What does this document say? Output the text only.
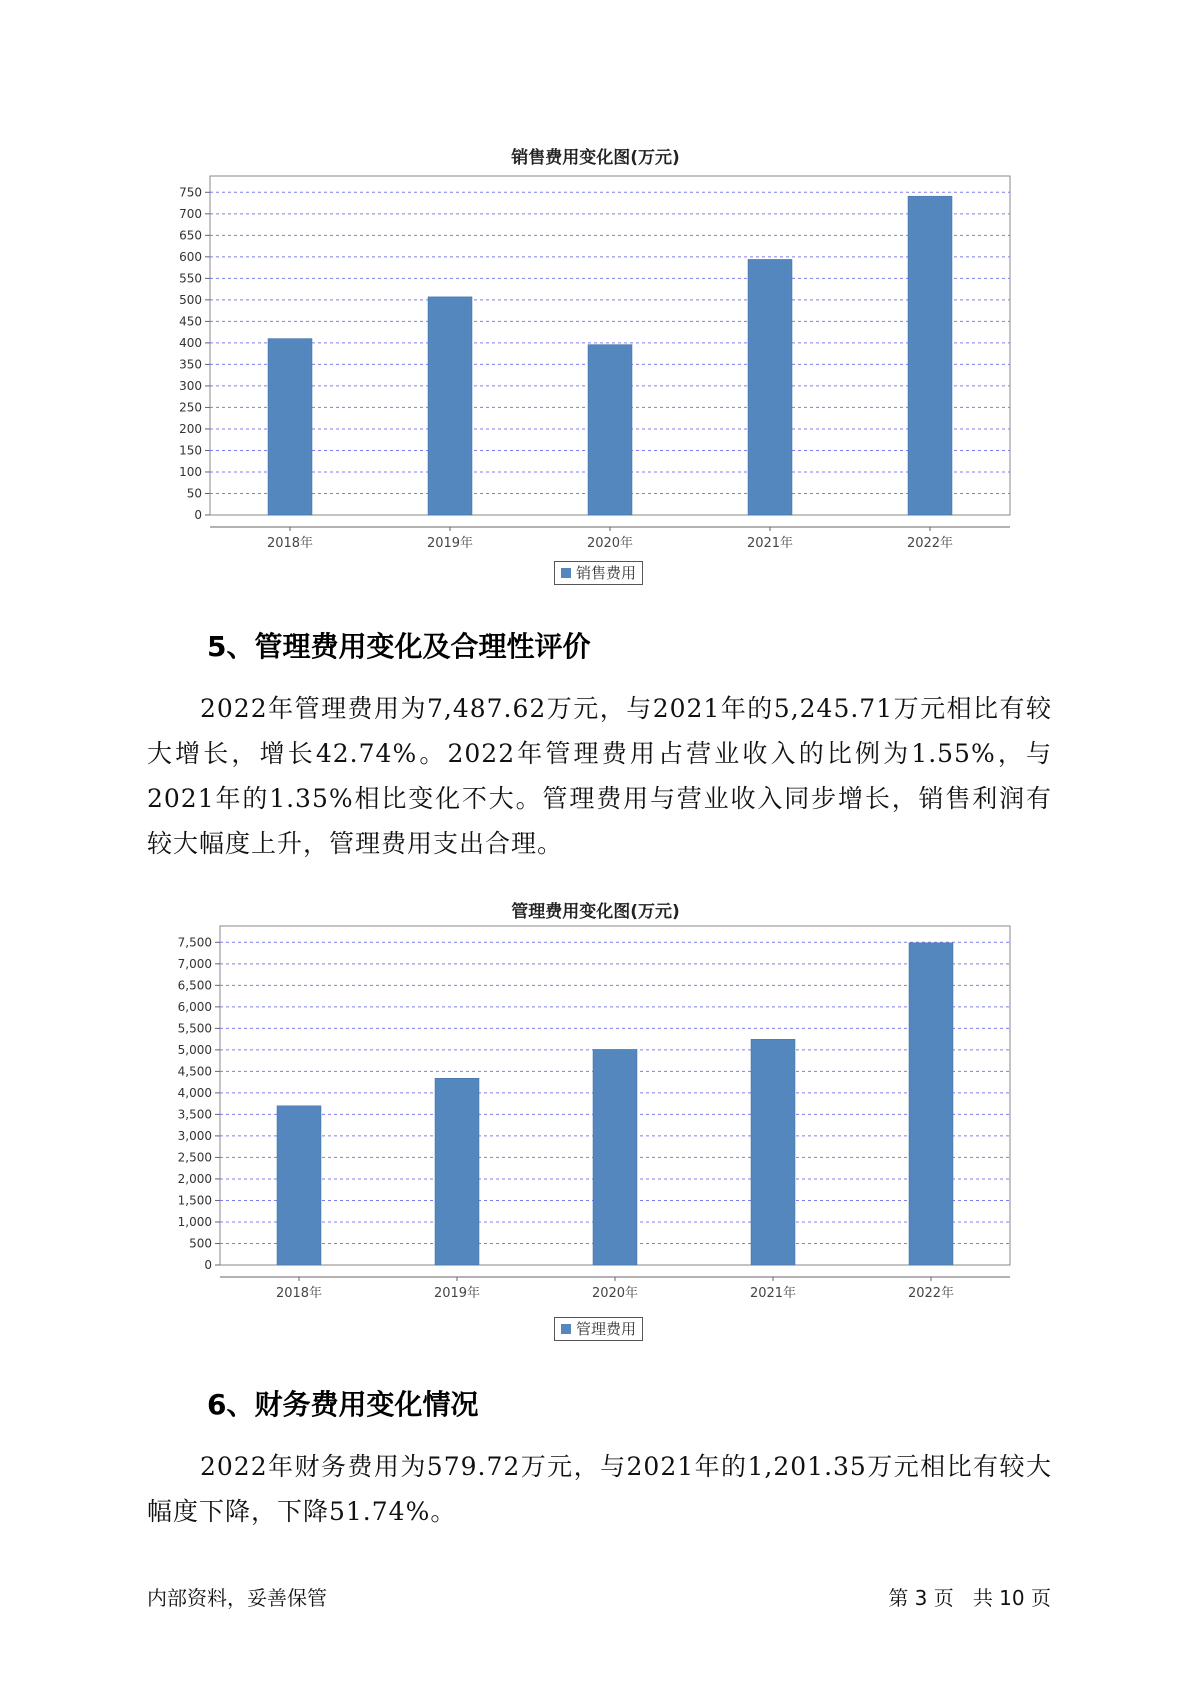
销售费用变化图(万元)
0
50
100
150
200
250
300
350
400
450
500
550
600
650
700
750
2018年	2019年	2020年	2021年	2022年
销售费用
5、管理费用变化及合理性评价

2022年管理费用为7,487.62万元，与2021年的5,245.71万元相比有较大增长，增长42.74%。2022年管理费用占营业收入的比例为1.55%，与2021年的1.35%相比变化不大。管理费用与营业收入同步增长，销售利润有较大幅度上升，管理费用支出合理。

管理费用变化图(万元)
0
500
1,000
1,500
2,000
2,500
3,000
3,500
4,000
4,500
5,000
5,500
6,000
6,500
7,000
7,500
2018年	2019年	2020年	2021年	2022年
管理费用
6、财务费用变化情况

2022年财务费用为579.72万元，与2021年的1,201.35万元相比有较大幅度下降，下降51.74%。

内部资料，妥善保管	第 3 页   共 10 页
